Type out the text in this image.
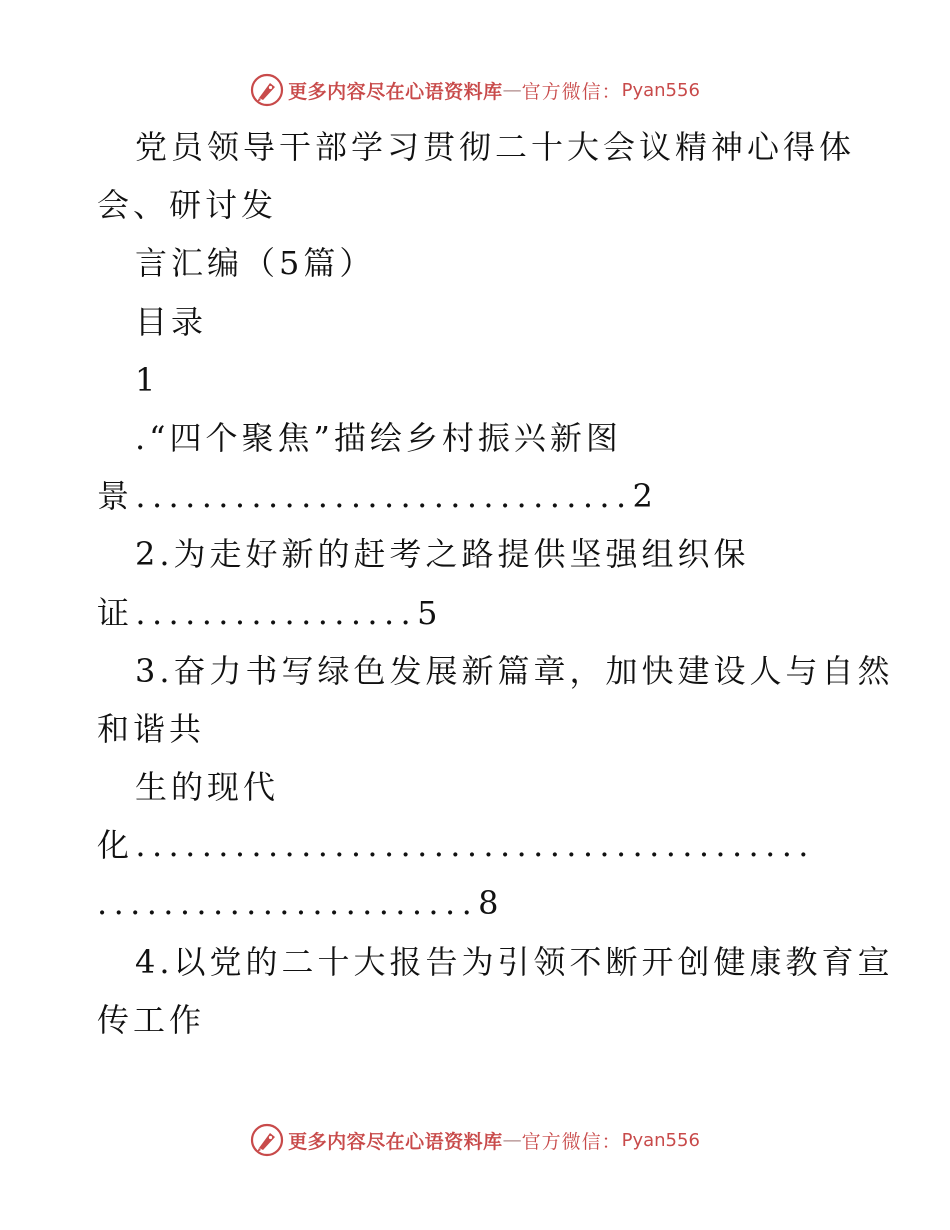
更多内容尽在心语资料库 — 官方微信： Pyan556
党员领导干部学习贯彻二十大会议精神心得体
会、研讨发
言汇编（5篇）
目录
1
.“四个聚焦”描绘乡村振兴新图
景..............................2
2.为走好新的赶考之路提供坚强组织保
证.................5
3.奋力书写绿色发展新篇章，加快建设人与自然
和谐共
生的现代
化.........................................
.......................8
4.以党的二十大报告为引领不断开创健康教育宣
传工作
更多内容尽在心语资料库 — 官方微信： Pyan556
